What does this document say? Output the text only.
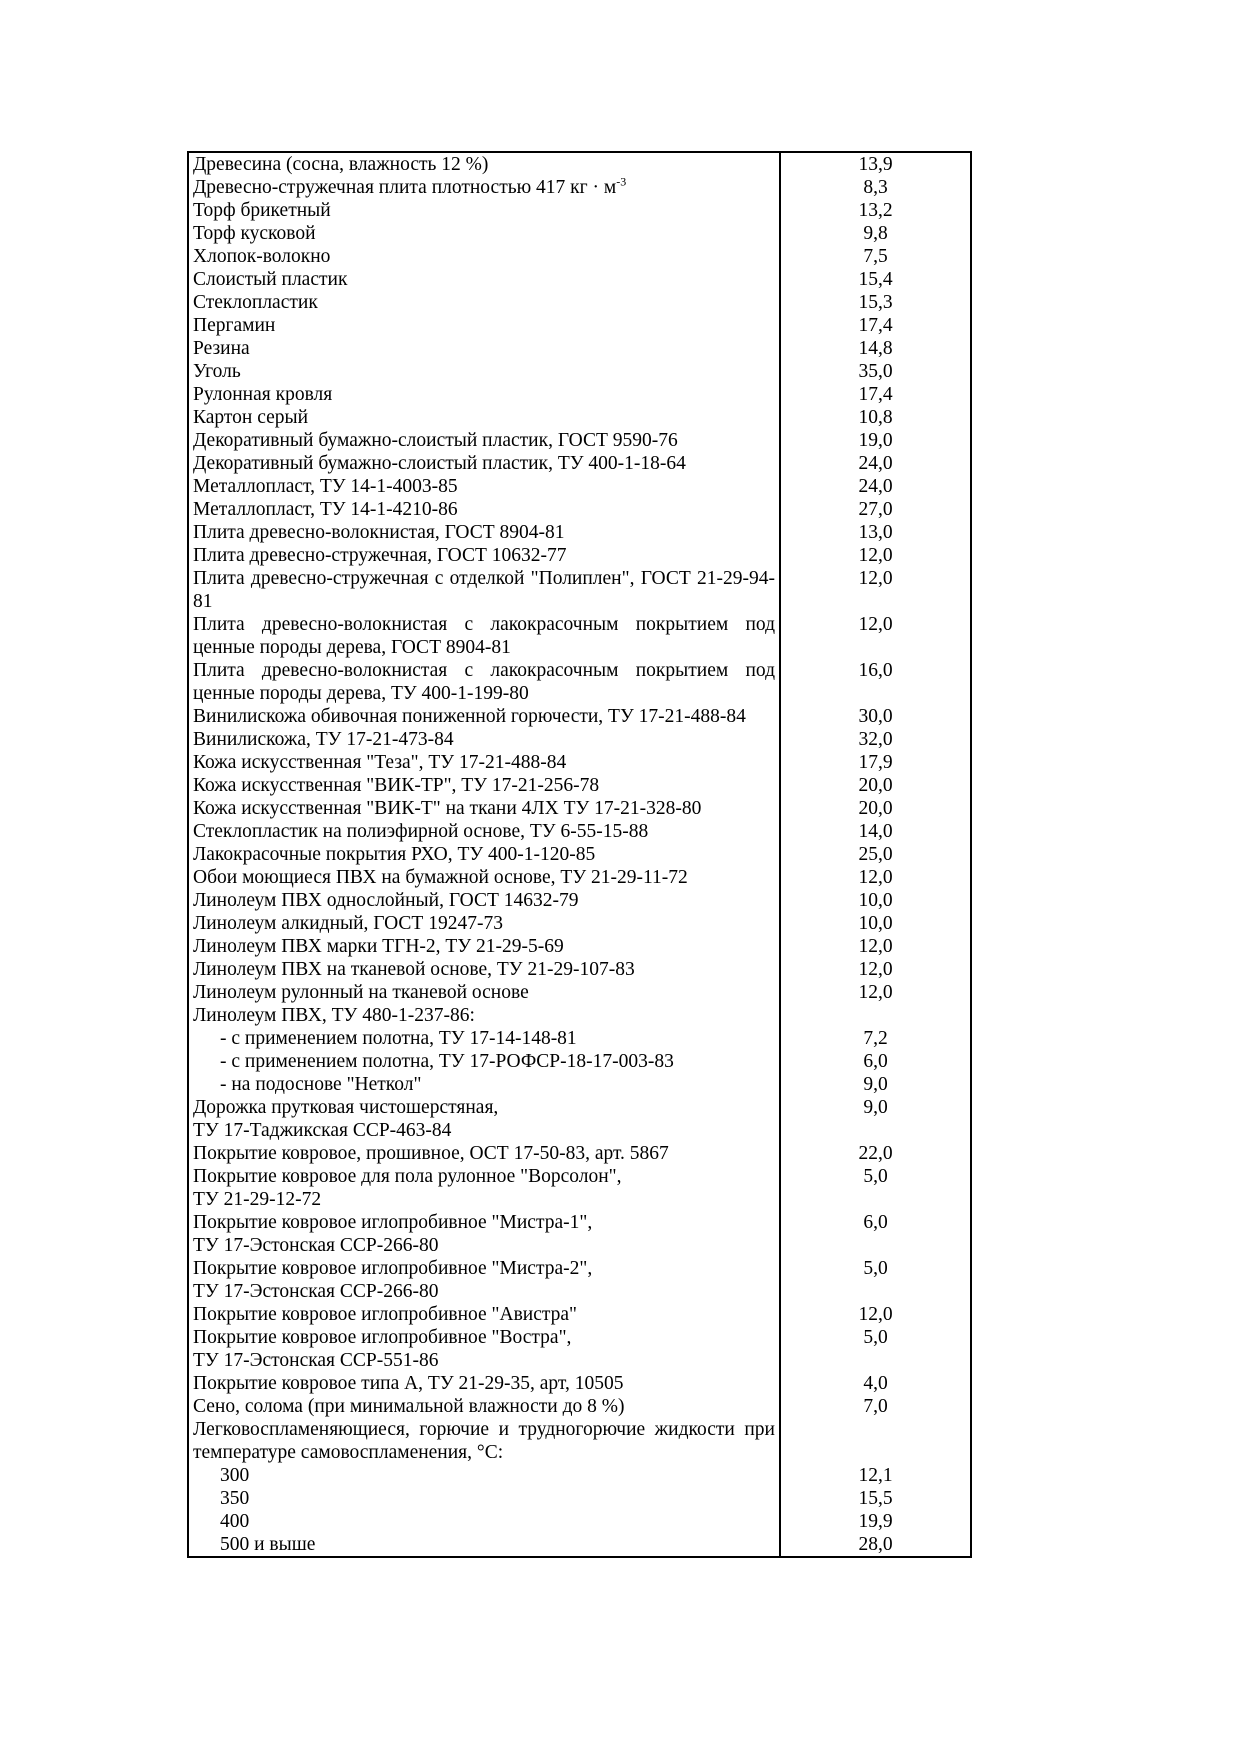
Древесина (сосна, влажность 12 %)	13,9
Древесно-стружечная плита плотностью 417 кг · $м^{-3}$	8,3
Торф брикетный	13,2
Торф кусковой	9,8
Хлопок-волокно	7,5
Слоистый пластик	15,4
Стеклопластик	15,3
Пергамин	17,4
Резина	14,8
Уголь	35,0
Рулонная кровля	17,4
Картон серый	10,8
Декоративный бумажно-слоистый пластик, ГОСТ 9590-76	19,0
Декоративный бумажно-слоистый пластик, ТУ 400-1-18-64	24,0
Металлопласт, ТУ 14-1-4003-85	24,0
Металлопласт, ТУ 14-1-4210-86	27,0
Плита древесно-волокнистая, ГОСТ 8904-81	13,0
Плита древесно-стружечная, ГОСТ 10632-77	12,0
Плита древесно-стружечная с отделкой "Полиплен", ГОСТ 21-29-94-81	12,0
Плита древесно-волокнистая с лакокрасочным покрытием под ценные породы дерева, ГОСТ 8904-81	12,0
Плита древесно-волокнистая с лакокрасочным покрытием под ценные породы дерева, ТУ 400-1-199-80	16,0
Винилискожа обивочная пониженной горючести, ТУ 17-21-488-84	30,0
Винилискожа, ТУ 17-21-473-84	32,0
Кожа искусственная "Теза", ТУ 17-21-488-84	17,9
Кожа искусственная "ВИК-ТР", ТУ 17-21-256-78	20,0
Кожа искусственная "ВИК-Т" на ткани 4ЛХ ТУ 17-21-328-80	20,0
Стеклопластик на полиэфирной основе, ТУ 6-55-15-88	14,0
Лакокрасочные покрытия РХО, ТУ 400-1-120-85	25,0
Обои моющиеся ПВХ на бумажной основе, ТУ 21-29-11-72	12,0
Линолеум ПВХ однослойный, ГОСТ 14632-79	10,0
Линолеум алкидный, ГОСТ 19247-73	10,0
Линолеум ПВХ марки ТГН-2, ТУ 21-29-5-69	12,0
Линолеум ПВХ на тканевой основе, ТУ 21-29-107-83	12,0
Линолеум рулонный на тканевой основе	12,0
Линолеум ПВХ, ТУ 480-1-237-86:	
- с применением полотна, ТУ 17-14-148-81	7,2
- с применением полотна, ТУ 17-РОФСР-18-17-003-83	6,0
- на подоснове "Неткол"	9,0

Дорожка прутковая чистошерстяная,
ТУ 17-Таджикская ССР-463-84	9,0
Покрытие ковровое, прошивное, ОСТ 17-50-83, арт. 5867	22,0

Покрытие ковровое для пола рулонное "Ворсолон",
ТУ 21-29-12-72	5,0

Покрытие ковровое иглопробивное "Мистра-1",
ТУ 17-Эстонская ССР-266-80	6,0

Покрытие ковровое иглопробивное "Мистра-2",
ТУ 17-Эстонская ССР-266-80	5,0
Покрытие ковровое иглопробивное "Авистра"	12,0

Покрытие ковровое иглопробивное "Вострa",
ТУ 17-Эстонская ССР-551-86	5,0
Покрытие ковровое типа А, ТУ 21-29-35, арт, 10505	4,0
Сено, солома (при минимальной влажности до 8 %)	7,0
Легковоспламеняющиеся, горючие и трудногорючие жидкости при температуре самовоспламенения, °С:	
300	12,1
350	15,5
400	19,9
500 и выше	28,0
